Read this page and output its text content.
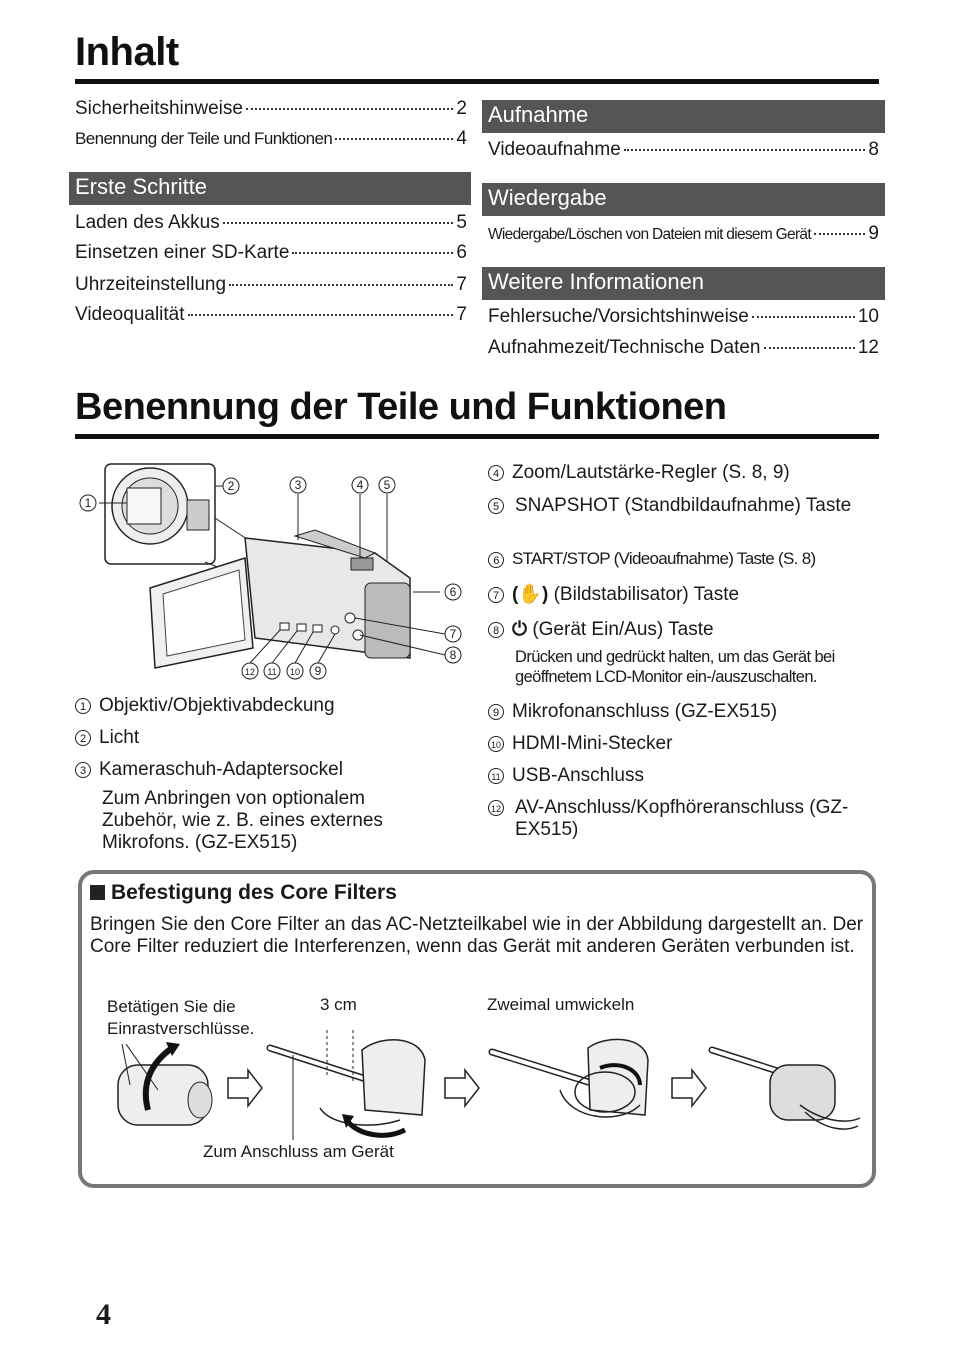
Inhalt
Sicherheitshinweise	2
Benennung der Teile und Funktionen	4
Erste Schritte
Laden des Akkus	5
Einsetzen einer SD-Karte	6
Uhrzeiteinstellung	7
Videoqualität	7
Aufnahme
Videoaufnahme	8
Wiedergabe
Wiedergabe/Löschen von Dateien mit diesem Gerät	9
Weitere Informationen
Fehlersuche/Vorsichtshinweise	10
Aufnahmezeit/Technische Daten	12
Benennung der Teile und Funktionen
1
2	3	4 5
6
7
8
12 11 10 9
1 Objektiv/Objektivabdeckung
2 Licht
3 Kameraschuh-Adaptersockel
Zum Anbringen von optionalem Zubehör, wie z. B. eines externes Mikrofons. (GZ-EX515)
4 Zoom/Lautstärke-Regler (S. 8, 9)
5 SNAPSHOT (Standbildaufnahme) Taste
6 START/STOP (Videoaufnahme) Taste (S. 8)
7 (✋) (Bildstabilisator) Taste
8 ⏻ (Gerät Ein/Aus) Taste
Drücken und gedrückt halten, um das Gerät bei geöffnetem LCD-Monitor ein-/auszuschalten.
9 Mikrofonanschluss (GZ-EX515)
10 HDMI-Mini-Stecker
11 USB-Anschluss
12 AV-Anschluss/Kopfhöreranschluss (GZ-EX515)
Befestigung des Core Filters
Bringen Sie den Core Filter an das AC-Netzteilkabel wie in der Abbildung dargestellt an. Der Core Filter reduziert die Interferenzen, wenn das Gerät mit anderen Geräten verbunden ist.
Betätigen Sie die Einrastverschlüsse.
3 cm	Zweimal umwickeln
Zum Anschluss am Gerät
4
